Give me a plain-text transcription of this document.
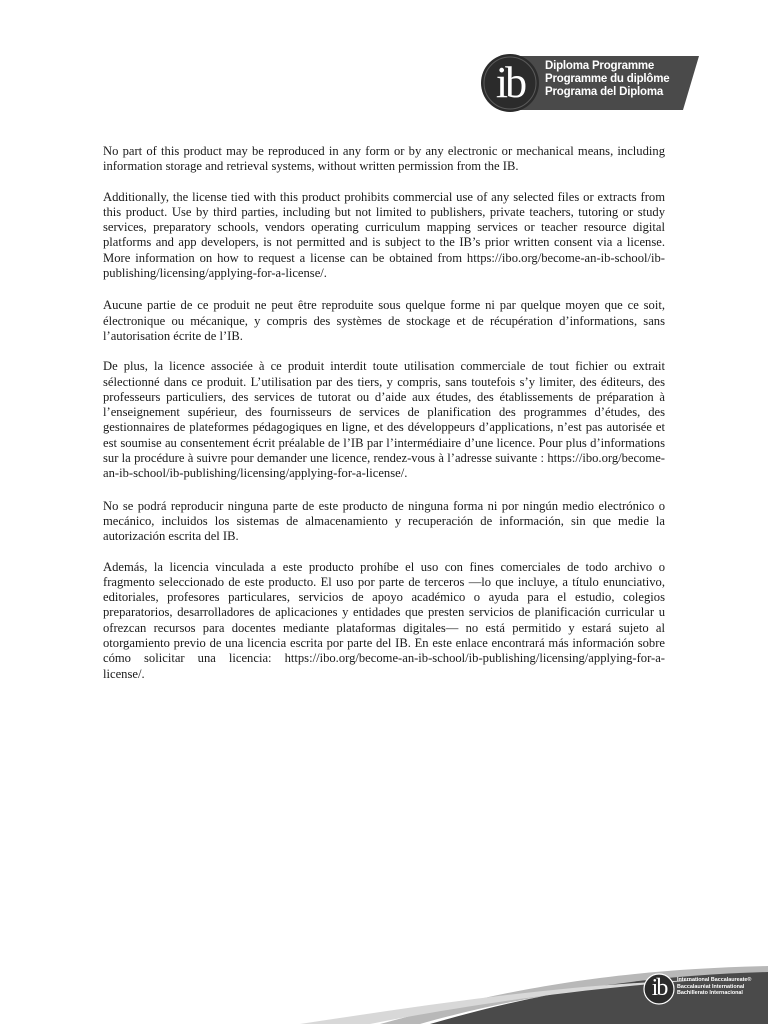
ib	Diploma Programme
Programme du diplôme
Programa del Diploma

No part of this product may be reproduced in any form or by any electronic or mechanical means, including information storage and retrieval systems, without written permission from the IB.

Additionally, the license tied with this product prohibits commercial use of any selected files or extracts from this product. Use by third parties, including but not limited to publishers, private teachers, tutoring or study services, preparatory schools, vendors operating curriculum mapping services or teacher resource digital platforms and app developers, is not permitted and is subject to the IB’s prior written consent via a license. More information on how to request a license can be obtained from https://ibo.org/become-an-ib-school/ib-publishing/licensing/applying-for-a-license/.

Aucune partie de ce produit ne peut être reproduite sous quelque forme ni par quelque moyen que ce soit, électronique ou mécanique, y compris des systèmes de stockage et de récupération d’informations, sans l’autorisation écrite de l’IB.

De plus, la licence associée à ce produit interdit toute utilisation commerciale de tout fichier ou extrait sélectionné dans ce produit. L’utilisation par des tiers, y compris, sans toutefois s’y limiter, des éditeurs, des professeurs particuliers, des services de tutorat ou d’aide aux études, des établissements de préparation à l’enseignement supérieur, des fournisseurs de services de planification des programmes d’études, des gestionnaires de plateformes pédagogiques en ligne, et des développeurs d’applications, n’est pas autorisée et est soumise au consentement écrit préalable de l’IB par l’intermédiaire d’une licence. Pour plus d’informations sur la procédure à suivre pour demander une licence, rendez-vous à l’adresse suivante : https://ibo.org/become-an-ib-school/ib-publishing/licensing/applying-for-a-license/.

No se podrá reproducir ninguna parte de este producto de ninguna forma ni por ningún medio electrónico o mecánico, incluidos los sistemas de almacenamiento y recuperación de información, sin que medie la autorización escrita del IB.

Además, la licencia vinculada a este producto prohíbe el uso con fines comerciales de todo archivo o fragmento seleccionado de este producto. El uso por parte de terceros —lo que incluye, a título enunciativo, editoriales, profesores particulares, servicios de apoyo académico o ayuda para el estudio, colegios preparatorios, desarrolladores de aplicaciones y entidades que presten servicios de planificación curricular u ofrezcan recursos para docentes mediante plataformas digitales— no está permitido y estará sujeto al otorgamiento previo de una licencia escrita por parte del IB. En este enlace encontrará más información sobre cómo solicitar una licencia: https://ibo.org/become-an-ib-school/ib-publishing/licensing/applying-for-a-license/.

ib	International Baccalaureate®
Baccalauréat International
Bachillerato Internacional
